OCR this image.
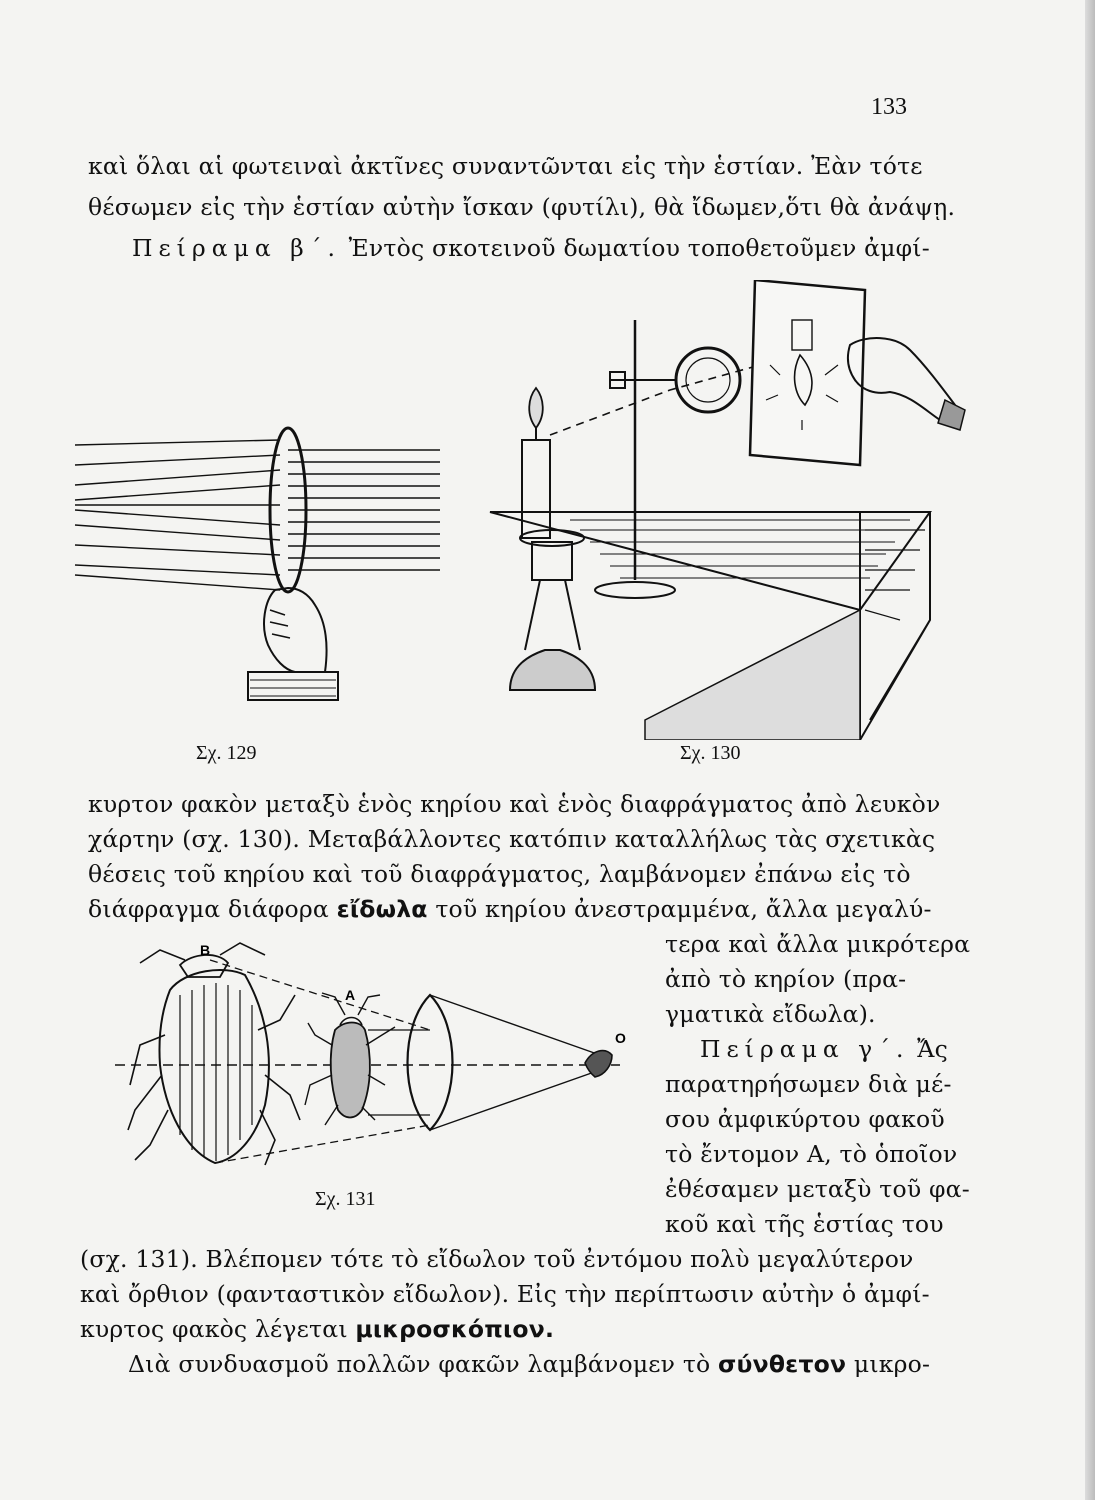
133
καὶ ὅλαι αἱ φωτειναὶ ἀκτῖνες συναντῶνται εἰς τὴν ἑστίαν. Ἐὰν τότε
θέσωμεν εἰς τὴν ἑστίαν αὐτὴν ἴσκαν (φυτίλι), θὰ ἴδωμεν,ὅτι θὰ ἀνάψῃ.
Πείραμα β΄. Ἐντὸς σκοτεινοῦ δωματίου τοποθετοῦμεν ἀμφί-
Σχ. 129	Σχ. 130
κυρτον φακὸν μεταξὺ ἑνὸς κηρίου καὶ ἑνὸς διαφράγματος ἀπὸ λευκὸν
χάρτην (σχ. 130). Μεταβάλλοντες κατόπιν καταλλήλως τὰς σχετικὰς
θέσεις τοῦ κηρίου καὶ τοῦ διαφράγματος, λαμβάνομεν ἐπάνω εἰς τὸ
διάφραγμα διάφορα εἴδωλα τοῦ κηρίου ἀνεστραμμένα, ἄλλα μεγαλύ-
τερα καὶ ἄλλα μικρότερα
ἀπὸ τὸ κηρίον (πρα-
γματικὰ εἴδωλα).
Πείραμα γ΄. Ἄς
παρατηρήσωμεν διὰ μέ-
σου ἀμφικύρτου φακοῦ
τὸ ἔντομον Α, τὸ ὁποῖον
ἐθέσαμεν μεταξὺ τοῦ φα-
κοῦ καὶ τῆς ἑστίας του
B
A
O
Σχ. 131
(σχ. 131). Βλέπομεν τότε τὸ εἴδωλον τοῦ ἐντόμου πολὺ μεγαλύτερον
καὶ ὄρθιον (φανταστικὸν εἴδωλον). Εἰς τὴν περίπτωσιν αὐτὴν ὁ ἀμφί-
κυρτος φακὸς λέγεται μικροσκόπιον.
Διὰ συνδυασμοῦ πολλῶν φακῶν λαμβάνομεν τὸ σύνθετον μικρο-
